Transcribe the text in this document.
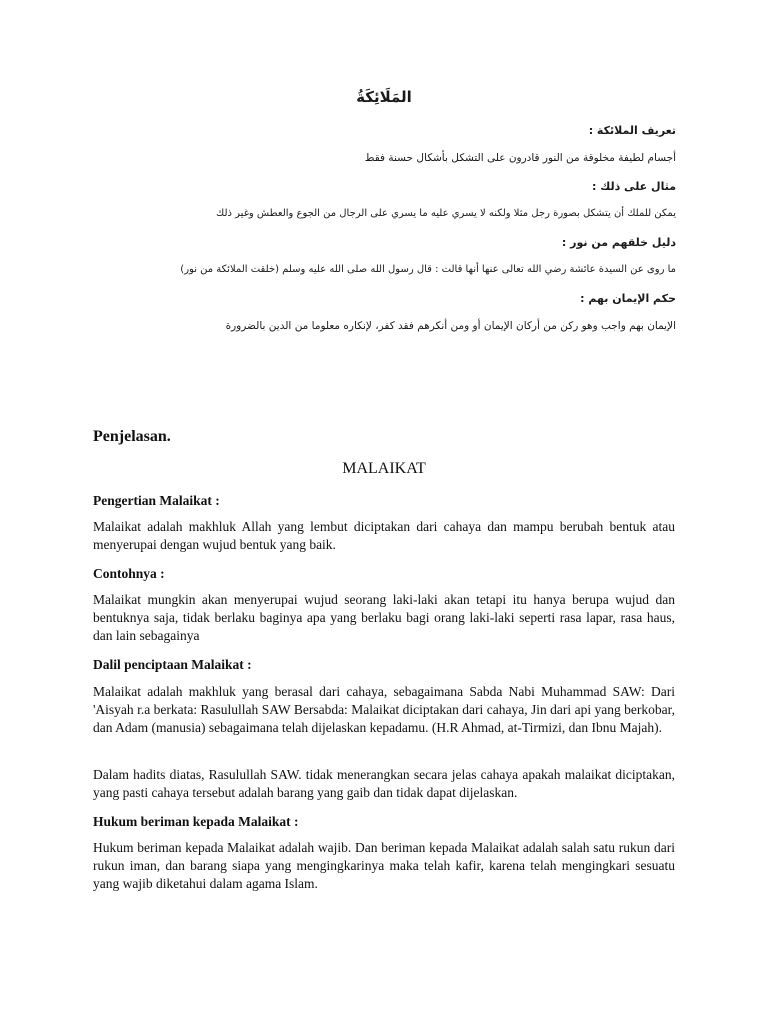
المَلَائِكَةُ
تعريف الملائكة :
أجسام لطيفة مخلوقة من النور قادرون على التشكل بأشكال حسنة فقط
مثال على ذلك :
يمكن للملك أن يتشكل بصورة رجل مثلا ولكنه لا يسري عليه ما يسري على الرجال من الجوع والعطش وغير ذلك
دليل خلقهم من نور :
ما روى عن السيدة عائشة رضي الله تعالى عنها أنها قالت : قال رسول الله صلى الله عليه وسلم (خلقت الملائكة من نور)
حكم الإيمان بهم :
الإيمان بهم واجب وهو ركن من أركان الإيمان أو ومن أنكرهم فقد كفر، لإنكاره معلوما من الدين بالضرورة
Penjelasan.
MALAIKAT
Pengertian Malaikat :
Malaikat adalah makhluk Allah yang lembut diciptakan dari cahaya dan mampu berubah bentuk atau menyerupai dengan wujud bentuk yang baik.
Contohnya :
Malaikat mungkin akan menyerupai wujud seorang laki-laki akan tetapi itu hanya berupa wujud dan bentuknya saja, tidak berlaku baginya apa yang berlaku bagi orang laki-laki seperti rasa lapar, rasa haus, dan lain sebagainya
Dalil penciptaan Malaikat :
Malaikat adalah makhluk yang berasal dari cahaya, sebagaimana Sabda Nabi Muhammad SAW: Dari 'Aisyah r.a berkata: Rasulullah SAW Bersabda: Malaikat diciptakan dari cahaya, Jin dari api yang berkobar, dan Adam (manusia) sebagaimana telah dijelaskan kepadamu. (H.R Ahmad, at-Tirmizi, dan Ibnu Majah).
Dalam hadits diatas, Rasulullah SAW. tidak menerangkan secara jelas cahaya apakah malaikat diciptakan, yang pasti cahaya tersebut adalah barang yang gaib dan tidak dapat dijelaskan.
Hukum beriman kepada Malaikat :
Hukum beriman kepada Malaikat adalah wajib. Dan beriman kepada Malaikat adalah salah satu rukun dari rukun iman, dan barang siapa yang mengingkarinya maka telah kafir, karena telah mengingkari sesuatu yang wajib diketahui dalam agama Islam.
